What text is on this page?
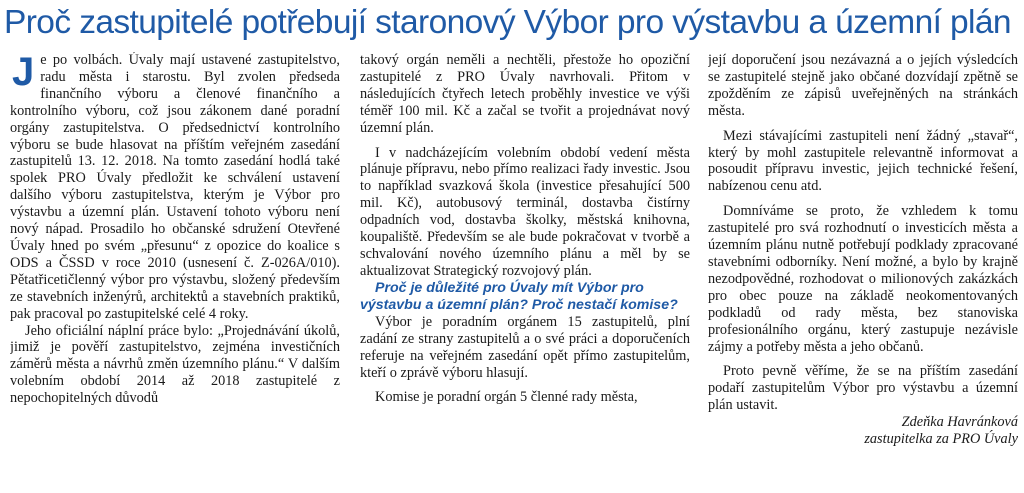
Proč zastupitelé potřebují staronový Výbor pro výstavbu a územní plán

Je po volbách. Úvaly mají ustavené zastupitelstvo, radu města i starostu. Byl zvolen předseda finančního výboru a členové finančního a kontrolního výboru, což jsou zákonem dané poradní orgány zastupitelstva. O předsednictví kontrolního výboru se bude hlasovat na příštím veřejném zasedání zastupitelů 13. 12. 2018. Na tomto zasedání hodlá také spolek PRO Úvaly předložit ke schválení ustavení dalšího výboru zastupitelstva, kterým je Výbor pro výstavbu a územní plán. Ustavení tohoto výboru není nový nápad. Prosadilo ho občanské sdružení Otevřené Úvaly hned po svém „přesunu“ z opozice do koalice s ODS a ČSSD v roce 2010 (usnesení č. Z-026A/010). Pětatřicetičlenný výbor pro výstavbu, složený především ze stavebních inženýrů, architektů a stavebních praktiků, pak pracoval po zastupitelské celé 4 roky.

Jeho oficiální náplní práce bylo: „Projednávání úkolů, jimiž je pověří zastupitelstvo, zejména investičních záměrů města a návrhů změn územního plánu.“ V dalším volebním období 2014 až 2018 zastupitelé z nepochopitelných důvodů

takový orgán neměli a nechtěli, přestože ho opoziční zastupitelé z PRO Úvaly navrhovali. Přitom v následujících čtyřech letech proběhly investice ve výši téměř 100 mil. Kč a začal se tvořit a projednávat nový územní plán.

I v nadcházejícím volebním období vedení města plánuje přípravu, nebo přímo realizaci řady investic. Jsou to například svazková škola (investice přesahující 500 mil. Kč), autobusový terminál, dostavba čistírny odpadních vod, dostavba školky, městská knihovna, koupaliště. Především se ale bude pokračovat v tvorbě a schvalování nového územního plánu a měl by se aktualizovat Strategický rozvojový plán.

Proč je důležité pro Úvaly mít Výbor pro výstavbu a územní plán? Proč nestačí komise?

Výbor je poradním orgánem 15 zastupitelů, plní zadání ze strany zastupitelů a o své práci a doporučeních referuje na veřejném zasedání opět přímo zastupitelům, kteří o zprávě výboru hlasují.

Komise je poradní orgán 5 členné rady města,

její doporučení jsou nezávazná a o jejích výsledcích se zastupitelé stejně jako občané dozvídají zpětně se zpožděním ze zápisů uveřejněných na stránkách města.

Mezi stávajícími zastupiteli není žádný „stavař“, který by mohl zastupitele relevantně informovat a posoudit přípravu investic, jejich technické řešení, nabízenou cenu atd.

Domníváme se proto, že vzhledem k tomu zastupitelé pro svá rozhodnutí o investicích města a územním plánu nutně potřebují podklady zpracované stavebními odborníky. Není možné, a bylo by krajně nezodpovědné, rozhodovat o milionových zakázkách pro obec pouze na základě neokomentovaných podkladů od rady města, bez stanoviska profesionálního orgánu, který zastupuje nezávisle zájmy a potřeby města a jeho občanů.

Proto pevně věříme, že se na příštím zasedání podaří zastupitelům Výbor pro výstavbu a územní plán ustavit.

Zdeňka Havránková
zastupitelka za PRO Úvaly
